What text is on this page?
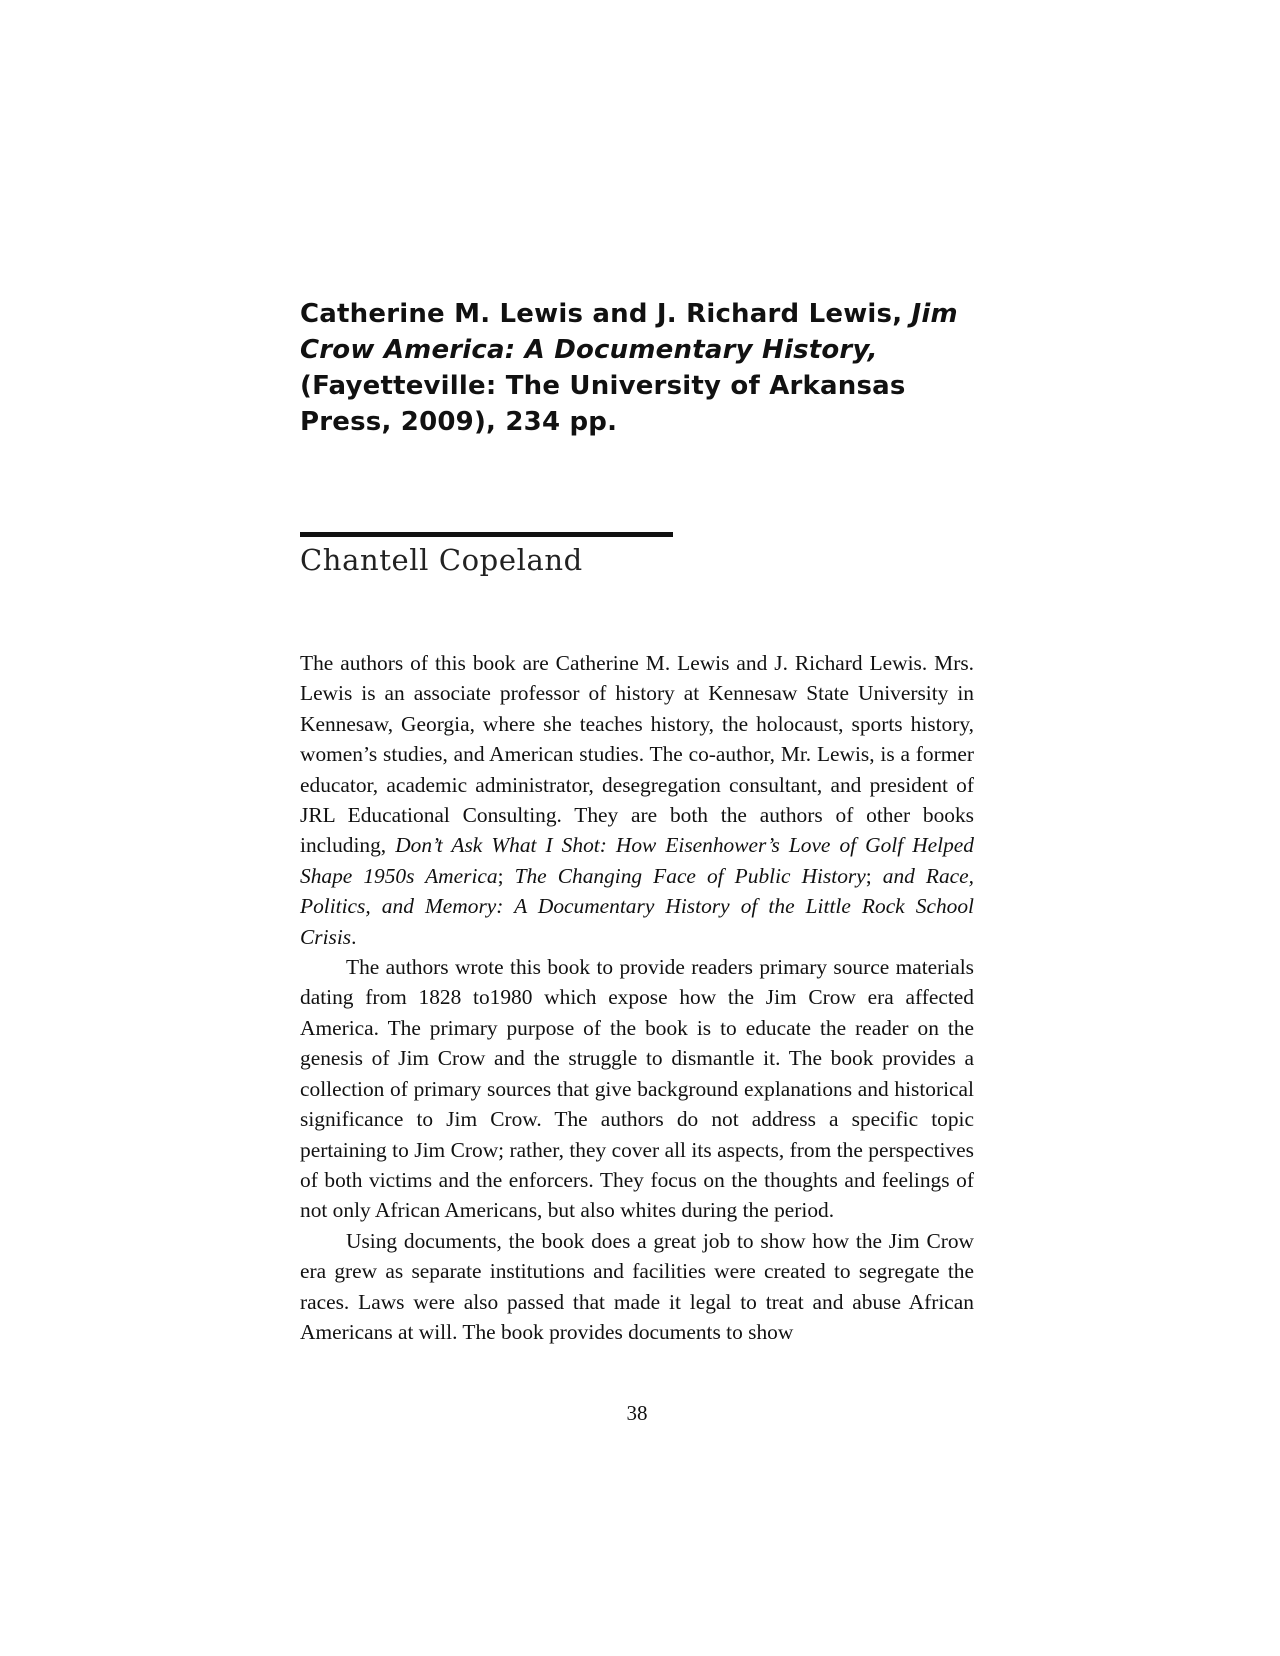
Catherine M. Lewis and J. Richard Lewis, Jim Crow America: A Documentary History, (Fayetteville: The University of Arkansas Press, 2009), 234 pp.
Chantell Copeland

The authors of this book are Catherine M. Lewis and J. Richard Lewis. Mrs. Lewis is an associate professor of history at Kennesaw State University in Kennesaw, Georgia, where she teaches history, the holocaust, sports history, women’s studies, and American studies. The co-author, Mr. Lewis, is a former educator, academic administrator, desegregation consultant, and president of JRL Educational Consulting. They are both the authors of other books including, Don’t Ask What I Shot: How Eisenhower’s Love of Golf Helped Shape 1950s America; The Changing Face of Public History; and Race, Politics, and Memory: A Documentary History of the Little Rock School Crisis.

The authors wrote this book to provide readers primary source materials dating from 1828 to1980 which expose how the Jim Crow era affected America. The primary purpose of the book is to educate the reader on the genesis of Jim Crow and the struggle to dismantle it. The book provides a collection of primary sources that give background explanations and historical significance to Jim Crow. The authors do not address a specific topic pertaining to Jim Crow; rather, they cover all its aspects, from the perspectives of both victims and the enforcers. They focus on the thoughts and feelings of not only African Americans, but also whites during the period.

Using documents, the book does a great job to show how the Jim Crow era grew as separate institutions and facilities were created to segregate the races. Laws were also passed that made it legal to treat and abuse African Americans at will. The book provides documents to show

38
